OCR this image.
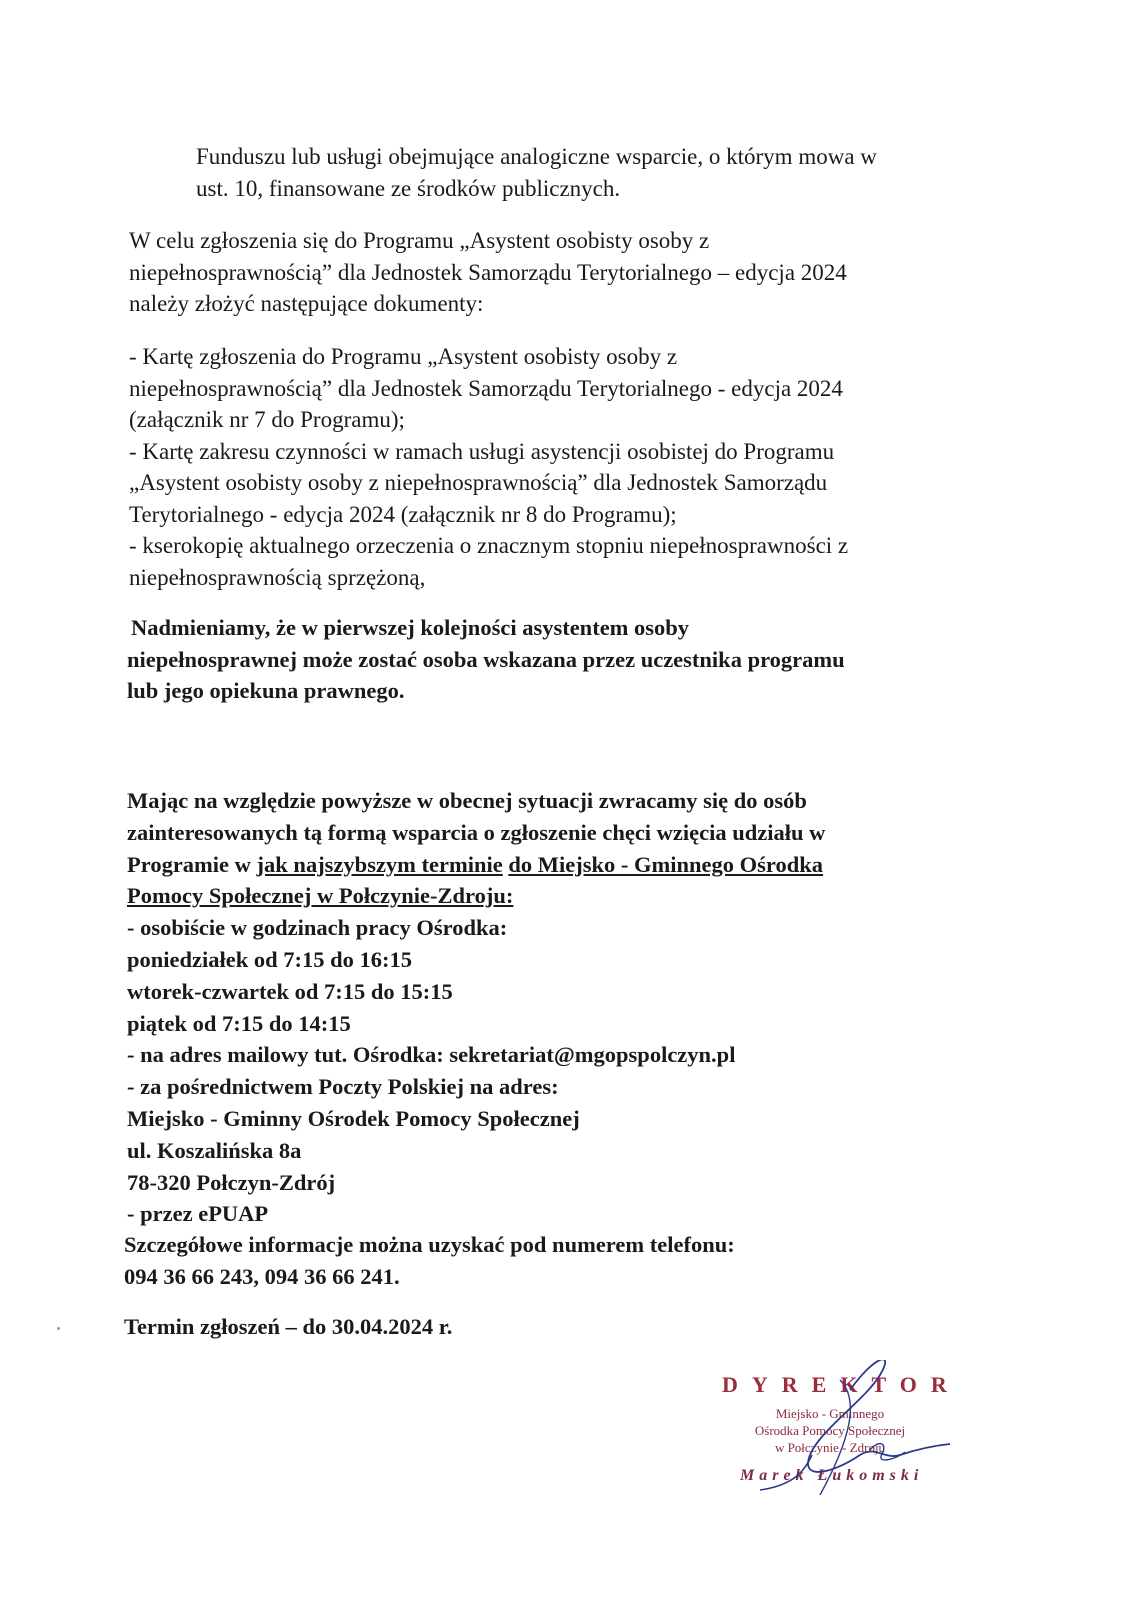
Funduszu lub usługi obejmujące analogiczne wsparcie, o którym mowa w
ust. 10, finansowane ze środków publicznych.
W celu zgłoszenia się do Programu „Asystent osobisty osoby z
niepełnosprawnością” dla Jednostek Samorządu Terytorialnego – edycja 2024
należy złożyć następujące dokumenty:
- Kartę zgłoszenia do Programu „Asystent osobisty osoby z
niepełnosprawnością” dla Jednostek Samorządu Terytorialnego - edycja 2024
(załącznik nr 7 do Programu);
- Kartę zakresu czynności w ramach usługi asystencji osobistej do Programu
„Asystent osobisty osoby z niepełnosprawnością” dla Jednostek Samorządu
Terytorialnego - edycja 2024 (załącznik nr 8 do Programu);
- kserokopię aktualnego orzeczenia o znacznym stopniu niepełnosprawności z
niepełnosprawnością sprzężoną,
Nadmieniamy, że w pierwszej kolejności asystentem osoby
niepełnosprawnej może zostać osoba wskazana przez uczestnika programu
lub jego opiekuna prawnego.
Mając na względzie powyższe w obecnej sytuacji zwracamy się do osób
zainteresowanych tą formą wsparcia o zgłoszenie chęci wzięcia udziału w
Programie w jak najszybszym terminie do Miejsko - Gminnego Ośrodka
Pomocy Społecznej w Połczynie-Zdroju:
- osobiście w godzinach pracy Ośrodka:
poniedziałek od 7:15 do 16:15
wtorek-czwartek od 7:15 do 15:15
piątek od 7:15 do 14:15
- na adres mailowy tut. Ośrodka: sekretariat@mgopspolczyn.pl
- za pośrednictwem Poczty Polskiej na adres:
Miejsko - Gminny Ośrodek Pomocy Społecznej
ul. Koszalińska 8a
78-320 Połczyn-Zdrój
- przez ePUAP
Szczegółowe informacje można uzyskać pod numerem telefonu:
094 36 66 243, 094 36 66 241.
Termin zgłoszeń – do 30.04.2024 r.
DYREKTOR
Miejsko - Gminnego
Ośrodka Pomocy Społecznej
w Połczynie - Zdroju
Marek Łukomski
